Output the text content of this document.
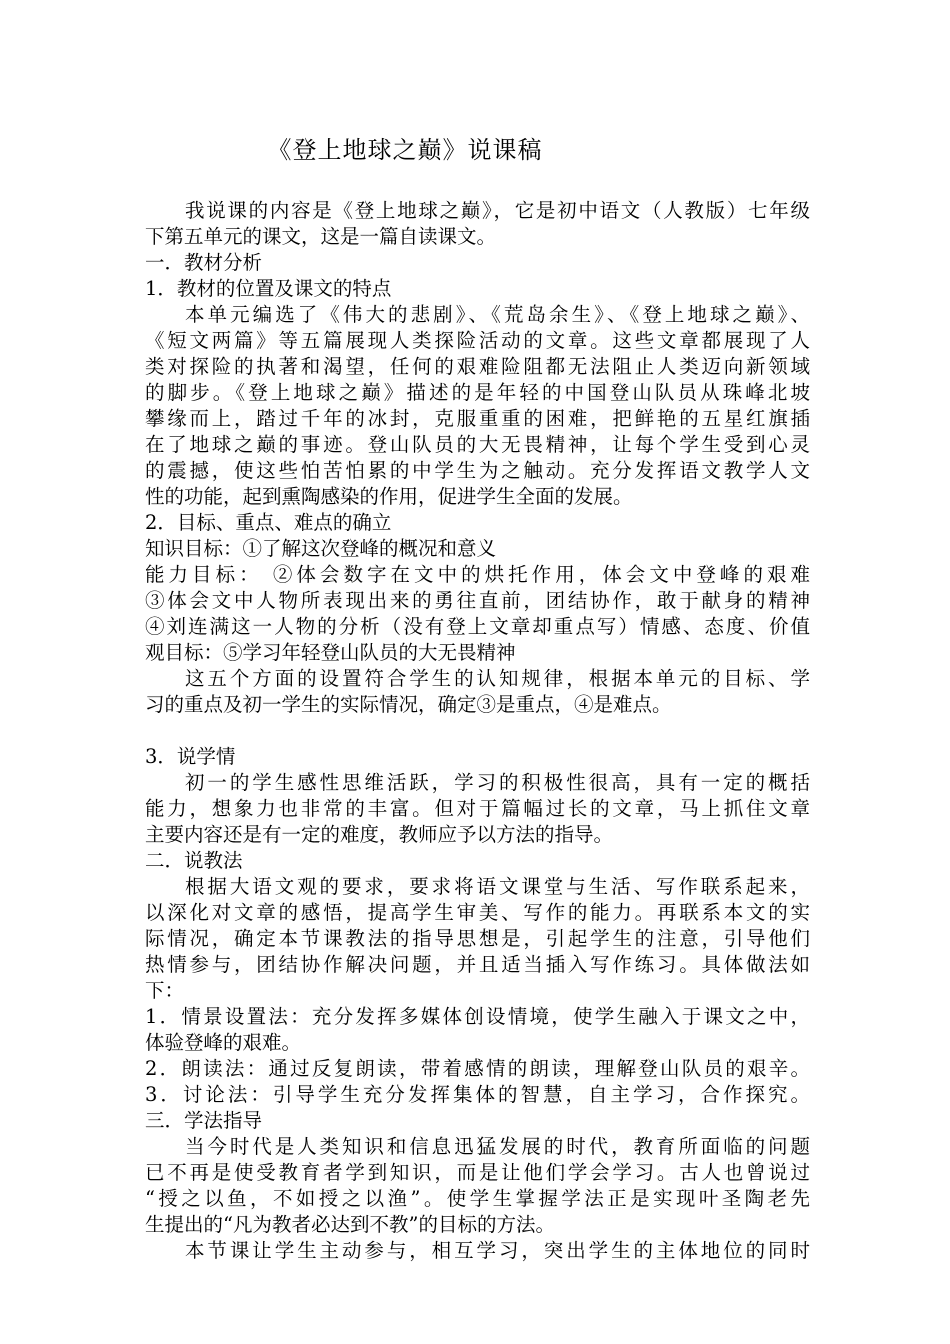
《登上地球之巅》说课稿
我说课的内容是《登上地球之巅》，它是初中语文（人教版）七年级
下第五单元的课文，这是一篇自读课文。
一．教材分析
1．教材的位置及课文的特点
本单元编选了《伟大的悲剧》、《荒岛余生》、《登上地球之巅》、
《短文两篇》等五篇展现人类探险活动的文章。这些文章都展现了人
类对探险的执著和渴望，任何的艰难险阻都无法阻止人类迈向新领域
的脚步。《登上地球之巅》描述的是年轻的中国登山队员从珠峰北坡
攀缘而上，踏过千年的冰封，克服重重的困难，把鲜艳的五星红旗插
在了地球之巅的事迹。登山队员的大无畏精神，让每个学生受到心灵
的震撼，使这些怕苦怕累的中学生为之触动。充分发挥语文教学人文
性的功能，起到熏陶感染的作用，促进学生全面的发展。
2．目标、重点、难点的确立
知识目标：①了解这次登峰的概况和意义
能力目标： ②体会数字在文中的烘托作用，体会文中登峰的艰难
③体会文中人物所表现出来的勇往直前，团结协作，敢于献身的精神
④刘连满这一人物的分析（没有登上文章却重点写）情感、态度、价值
观目标：⑤学习年轻登山队员的大无畏精神
这五个方面的设置符合学生的认知规律，根据本单元的目标、学
习的重点及初一学生的实际情况，确定③是重点，④是难点。
3．说学情
初一的学生感性思维活跃，学习的积极性很高，具有一定的概括
能力，想象力也非常的丰富。但对于篇幅过长的文章，马上抓住文章
主要内容还是有一定的难度，教师应予以方法的指导。
二．说教法
根据大语文观的要求，要求将语文课堂与生活、写作联系起来，
以深化对文章的感悟，提高学生审美、写作的能力。再联系本文的实
际情况，确定本节课教法的指导思想是，引起学生的注意，引导他们
热情参与，团结协作解决问题，并且适当插入写作练习。具体做法如
下：
1．情景设置法：充分发挥多媒体创设情境，使学生融入于课文之中，
体验登峰的艰难。
2．朗读法：通过反复朗读，带着感情的朗读，理解登山队员的艰辛。
3．讨论法：引导学生充分发挥集体的智慧，自主学习，合作探究。
三．学法指导
当今时代是人类知识和信息迅猛发展的时代，教育所面临的问题
已不再是使受教育者学到知识，而是让他们学会学习。古人也曾说过
“授之以鱼，不如授之以渔”。使学生掌握学法正是实现叶圣陶老先
生提出的“凡为教者必达到不教”的目标的方法。
本节课让学生主动参与，相互学习，突出学生的主体地位的同时
